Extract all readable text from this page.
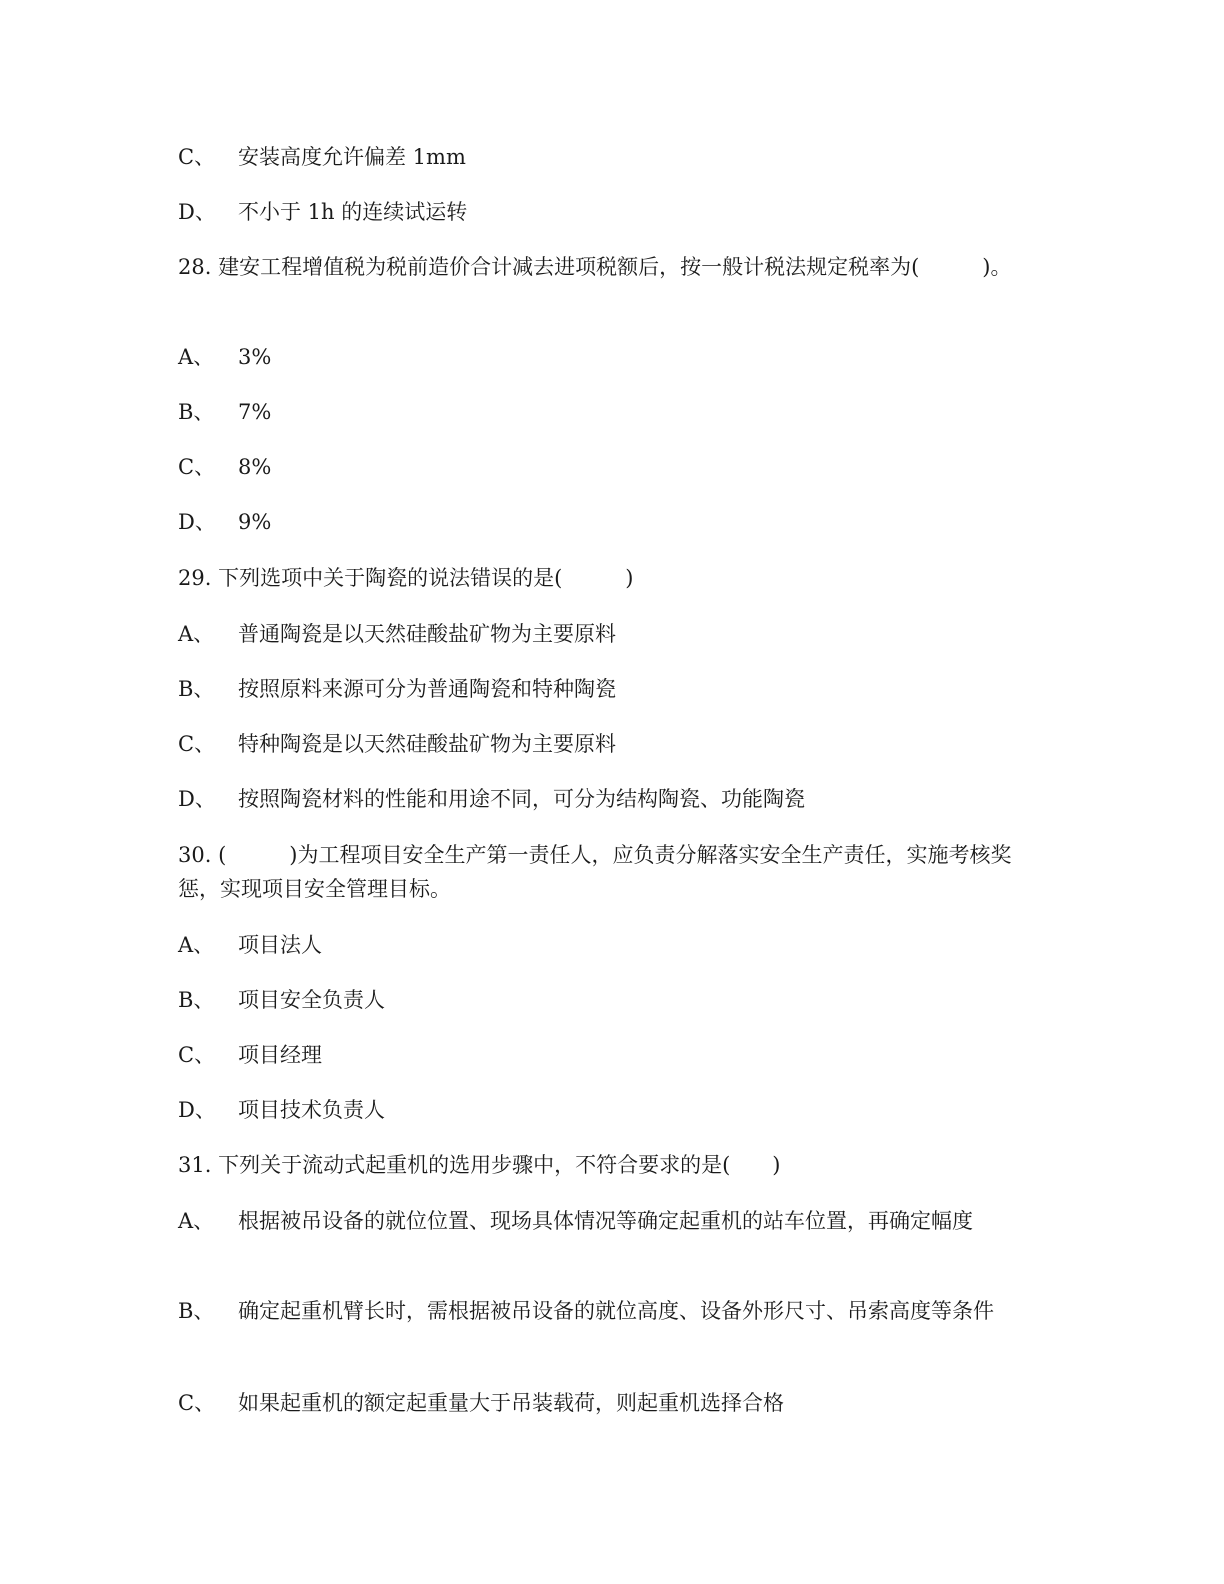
C、 安装高度允许偏差 1mm
D、 不小于 1h 的连续试运转
28. 建安工程增值税为税前造价合计减去进项税额后，按一般计税法规定税率为(　　　)。
A、 3%
B、 7%
C、 8%
D、 9%
29. 下列选项中关于陶瓷的说法错误的是(　　　)
A、 普通陶瓷是以天然硅酸盐矿物为主要原料
B、 按照原料来源可分为普通陶瓷和特种陶瓷
C、 特种陶瓷是以天然硅酸盐矿物为主要原料
D、 按照陶瓷材料的性能和用途不同，可分为结构陶瓷、功能陶瓷
30. (　　　)为工程项目安全生产第一责任人，应负责分解落实安全生产责任，实施考核奖惩，实现项目安全管理目标。
A、 项目法人
B、 项目安全负责人
C、 项目经理
D、 项目技术负责人
31. 下列关于流动式起重机的选用步骤中，不符合要求的是(　　)
A、 根据被吊设备的就位位置、现场具体情况等确定起重机的站车位置，再确定幅度
B、 确定起重机臂长时，需根据被吊设备的就位高度、设备外形尺寸、吊索高度等条件
C、 如果起重机的额定起重量大于吊装载荷，则起重机选择合格
